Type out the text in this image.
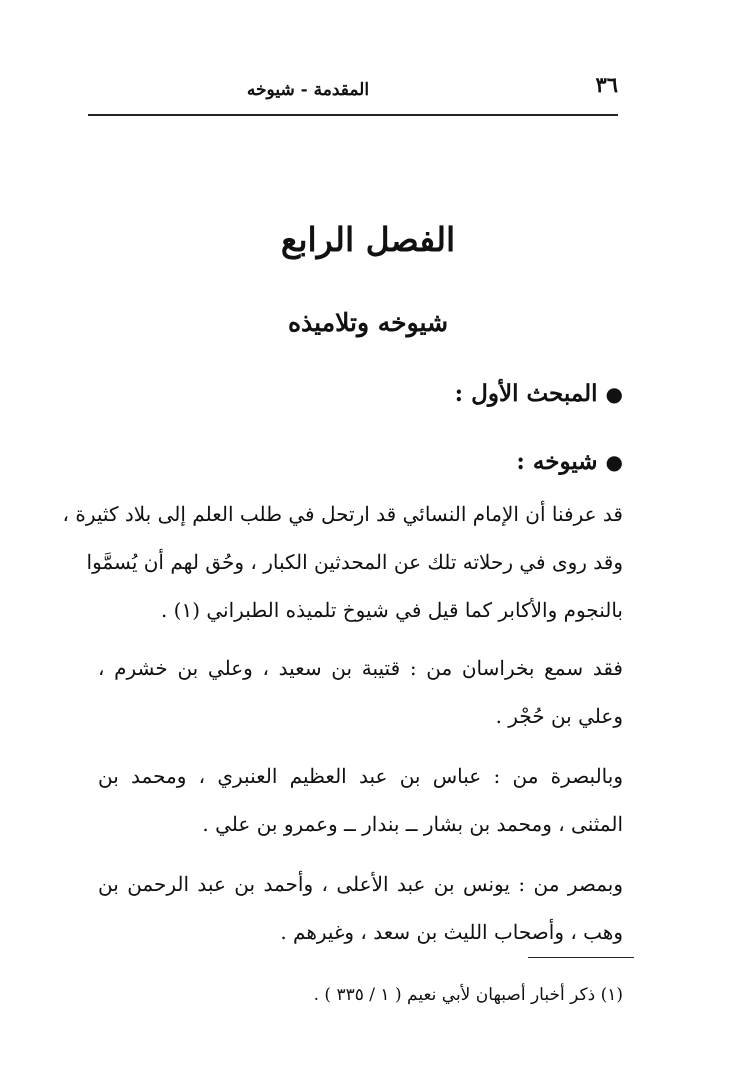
٣٦
المقدمة - شيوخه
الفصل الرابع
شيوخه وتلاميذه
●المبحث الأول :
●شيوخه :
قد عرفنا أن الإمام النسائي قد ارتحل في طلب العلم إلى بلاد كثيرة ،
وقد روى في رحلاته تلك عن المحدثين الكبار ، وحُق لهم أن يُسمَّوا
بالنجوم والأكابر كما قيل في شيوخ تلميذه الطبراني (١) .
فقد سمع بخراسان من : قتيبة بن سعيد ، وعلي بن خشرم ،
وعلي بن حُجْر .
وبالبصرة من : عباس بن عبد العظيم العنبري ، ومحمد بن
المثنى ، ومحمد بن بشار ــ بندار ــ وعمرو بن علي .
وبمصر من : يونس بن عبد الأعلى ، وأحمد بن عبد الرحمن بن
وهب ، وأصحاب الليث بن سعد ، وغيرهم .
(١) ذكر أخبار أصبهان لأبي نعيم ( ١ / ٣٣٥ ) .
